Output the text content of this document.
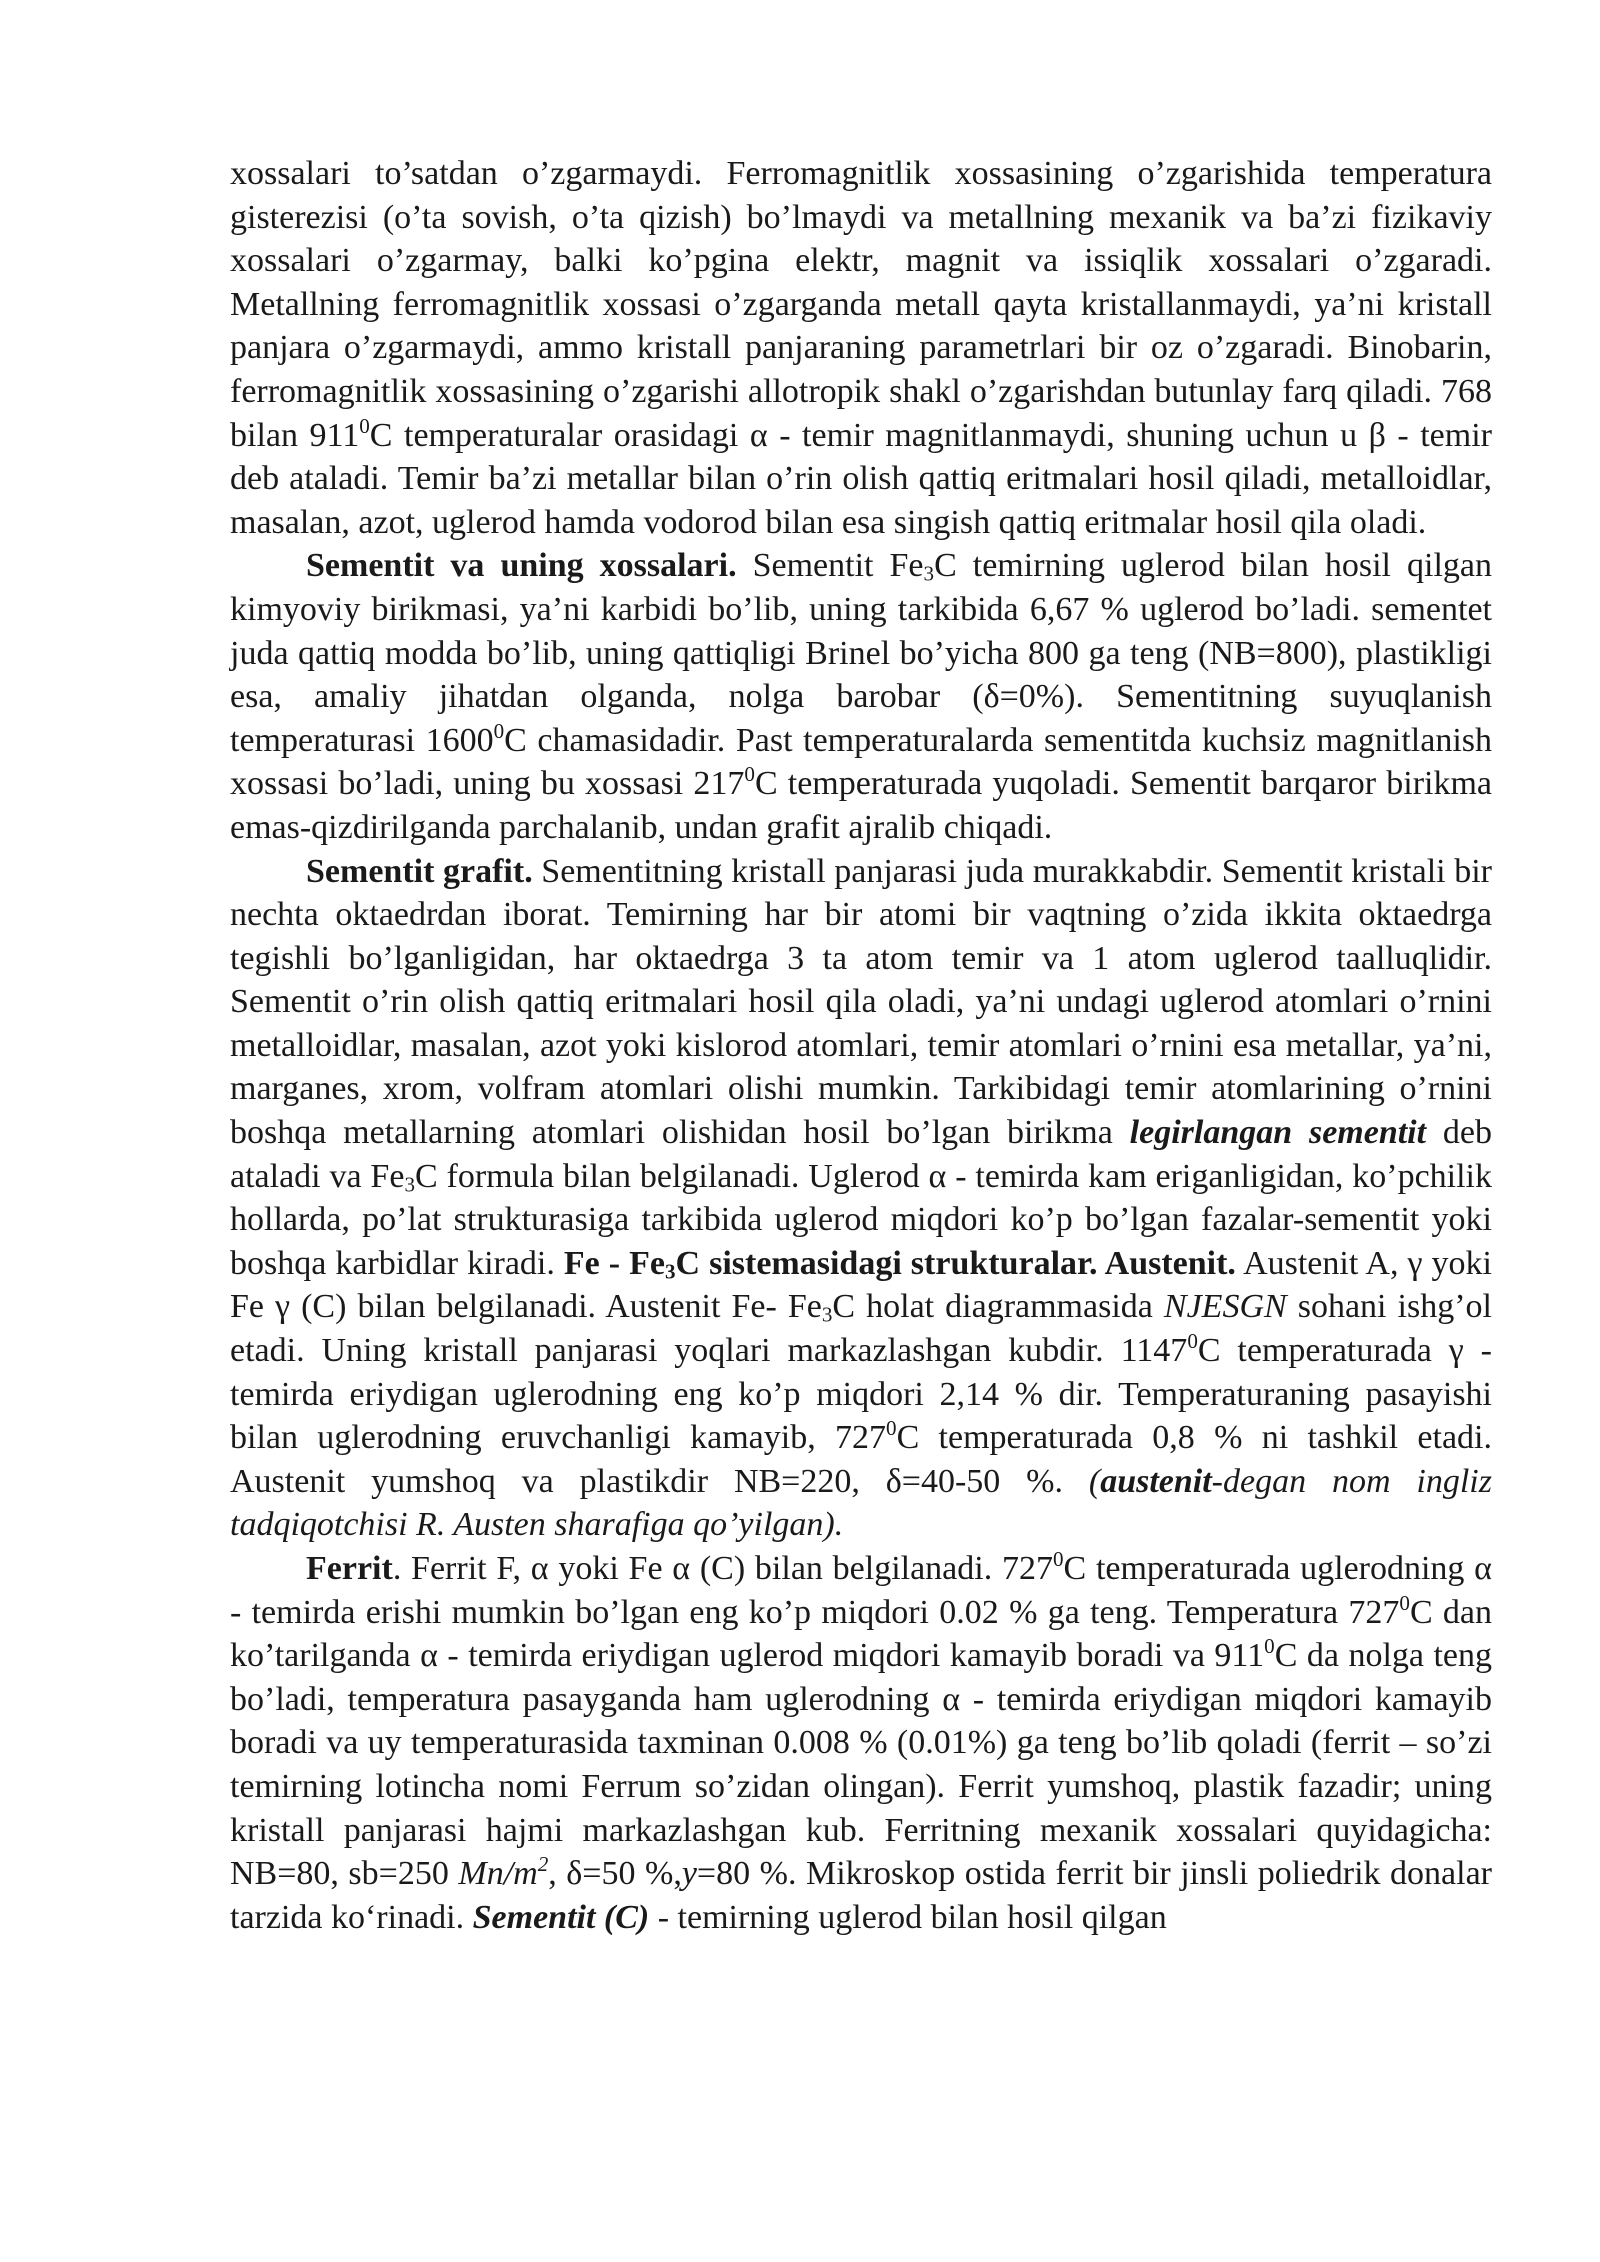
xossalari to’satdan o’zgarmaydi. Ferromagnitlik xossasining o’zgarishida temperatura gisterezisi (o’ta sovish, o’ta qizish) bo’lmaydi va metallning mexanik va ba’zi fizikaviy xossalari o’zgarmay, balki ko’pgina elektr, magnit va issiqlik xossalari o’zgaradi. Metallning ferromagnitlik xossasi o’zgarganda metall qayta kristallanmaydi, ya’ni kristall panjara o’zgarmaydi, ammo kristall panjaraning parametrlari bir oz o’zgaradi. Binobarin, ferromagnitlik xossasining o’zgarishi allotropik shakl o’zgarishdan butunlay farq qiladi. 768 bilan $911^0C$ temperaturalar orasidagi α - temir magnitlanmaydi, shuning uchun u β - temir deb ataladi. Temir ba’zi metallar bilan o’rin olish qattiq eritmalari hosil qiladi, metalloidlar, masalan, azot, uglerod hamda vodorod bilan esa singish qattiq eritmalar hosil qila oladi.

Sementit va uning xossalari. Sementit $Fe_3C$ temirning uglerod bilan hosil qilgan kimyoviy birikmasi, ya’ni karbidi bo’lib, uning tarkibida 6,67 % uglerod bo’ladi. sementet juda qattiq modda bo’lib, uning qattiqligi Brinel bo’yicha 800 ga teng (NB=800), plastikligi esa, amaliy jihatdan olganda, nolga barobar (δ=0%). Sementitning suyuqlanish temperaturasi 1600$^0$C chamasidadir. Past temperaturalarda sementitda kuchsiz magnitlanish xossasi bo’ladi, uning bu xossasi $217^0C$ temperaturada yuqoladi. Sementit barqaror birikma emas-qizdirilganda parchalanib, undan grafit ajralib chiqadi.

Sementit grafit. Sementitning kristall panjarasi juda murakkabdir. Sementit kristali bir nechta oktaedrdan iborat. Temirning har bir atomi bir vaqtning o’zida ikkita oktaedrga tegishli bo’lganligidan, har oktaedrga 3 ta atom temir va 1 atom uglerod taalluqlidir. Sementit o’rin olish qattiq eritmalari hosil qila oladi, ya’ni undagi uglerod atomlari o’rnini metalloidlar, masalan, azot yoki kislorod atomlari, temir atomlari o’rnini esa metallar, ya’ni, marganes, xrom, volfram atomlari olishi mumkin. Tarkibidagi temir atomlarining o’rnini boshqa metallarning atomlari olishidan hosil bo’lgan birikma legirlangan sementit deb ataladi va $Fe_3C$ formula bilan belgilanadi. Uglerod α - temirda kam eriganligidan, ko’pchilik hollarda, po’lat strukturasiga tarkibida uglerod miqdori ko’p bo’lgan fazalar-sementit yoki boshqa karbidlar kiradi. Fe - $Fe_3C$ sistemasidagi strukturalar. Austenit. Austenit A, γ yoki Fe γ (C) bilan belgilanadi. Austenit Fe- $Fe_3C$ holat diagrammasida NJESGN sohani ishg’ol etadi. Uning kristall panjarasi yoqlari markazlashgan kubdir. 1147$^0$C temperaturada γ - temirda eriydigan uglerodning eng ko’p miqdori 2,14 % dir. Temperaturaning pasayishi bilan uglerodning eruvchanligi kamayib, $727^0C$ temperaturada 0,8 % ni tashkil etadi. Austenit yumshoq va plastikdir NB=220, δ=40-50 %. (austenit-degan nom ingliz tadqiqotchisi R. Austen sharafiga qo’yilgan).

Ferrit. Ferrit F, α yoki Fe α (C) bilan belgilanadi. $727^0C$ temperaturada uglerodning α - temirda erishi mumkin bo’lgan eng ko’p miqdori 0.02 % ga teng. Temperatura $727^0C$ dan ko’tarilganda α - temirda eriydigan uglerod miqdori kamayib boradi va $911^0C$ da nolga teng bo’ladi, temperatura pasayganda ham uglerodning α - temirda eriydigan miqdori kamayib boradi va uy temperaturasida taxminan 0.008 % (0.01%) ga teng bo’lib qoladi (ferrit – so’zi temirning lotincha nomi Ferrum so’zidan olingan). Ferrit yumshoq, plastik fazadir; uning kristall panjarasi hajmi markazlashgan kub. Ferritning mexanik xossalari quyidagicha: NB=80, sb=250 $Mn/m^2$, δ=50 %,y=80 %. Mikroskop ostida ferrit bir jinsli poliedrik donalar tarzida ko‘rinadi. Sementit (C) - temirning uglerod bilan hosil qilgan
